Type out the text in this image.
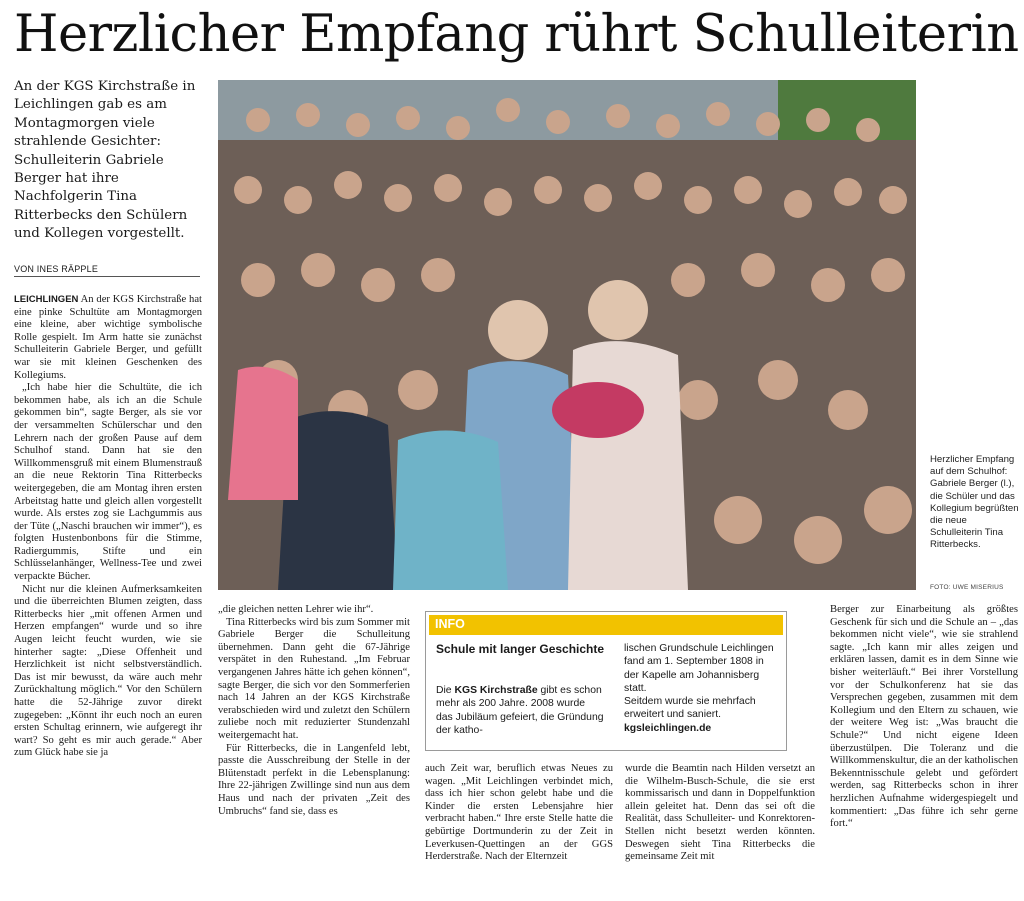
Herzlicher Empfang rührt Schulleiterin
An der KGS Kirchstraße in Leichlingen gab es am Montagmorgen viele strahlende Gesichter: Schulleiterin Gabriele Berger hat ihre Nachfolgerin Tina Ritterbecks den Schülern und Kollegen vorgestellt.
VON INES RÄPPLE

LEICHLINGEN An der KGS Kirchstraße hat eine pinke Schultüte am Montagmorgen eine kleine, aber wichtige symbolische Rolle gespielt. Im Arm hatte sie zunächst Schulleiterin Gabriele Berger, und gefüllt war sie mit kleinen Geschenken des Kollegiums.

„Ich habe hier die Schultüte, die ich bekommen habe, als ich an die Schule gekommen bin“, sagte Berger, als sie vor der versammelten Schülerschar und den Lehrern nach der großen Pause auf dem Schulhof stand. Dann hat sie den Willkommensgruß mit einem Blumenstrauß an die neue Rektorin Tina Ritterbecks weitergegeben, die am Montag ihren ersten Arbeitstag hatte und gleich allen vorgestellt wurde. Als erstes zog sie Lachgummis aus der Tüte („Naschi brauchen wir immer“), es folgten Hustenbonbons für die Stimme, Radiergummis, Stifte und ein Schlüsselanhänger, Wellness-Tee und zwei verpackte Bücher.

Nicht nur die kleinen Aufmerksamkeiten und die überreichten Blumen zeigten, dass Ritterbecks hier „mit offenen Armen und Herzen empfangen“ wurde und so ihre Augen leicht feucht wurden, wie sie hinterher sagte: „Diese Offenheit und Herzlichkeit ist nicht selbstverständlich. Das ist mir bewusst, da wäre auch mehr Zurückhaltung möglich.“ Vor den Schülern hatte die 52-Jährige zuvor direkt zugegeben: „Könnt ihr euch noch an euren ersten Schultag erinnern, wie aufgeregt ihr wart? So geht es mir auch gerade.“ Aber zum Glück habe sie ja

Herzlicher Empfang auf dem Schulhof: Gabriele Berger (l.), die Schüler und das Kollegium begrüßten die neue Schulleiterin Tina Ritterbecks.
FOTO: UWE MISERIUS

„die gleichen netten Lehrer wie ihr“.

Tina Ritterbecks wird bis zum Sommer mit Gabriele Berger die Schulleitung übernehmen. Dann geht die 67-Jährige verspätet in den Ruhestand. „Im Februar vergangenen Jahres hätte ich gehen können“, sagte Berger, die sich vor den Sommerferien nach 14 Jahren an der KGS Kirchstraße verabschieden wird und zuletzt den Schülern zuliebe noch mit reduzierter Stundenzahl weitergemacht hat.

Für Ritterbecks, die in Langenfeld lebt, passte die Ausschreibung der Stelle in der Blütenstadt perfekt in die Lebensplanung: Ihre 22-jährigen Zwillinge sind nun aus dem Haus und nach der privaten „Zeit des Umbruchs“ fand sie, dass es

INFO
Schule mit langer Geschichte
Die KGS Kirchstraße gibt es schon mehr als 200 Jahre. 2008 wurde das Jubiläum gefeiert, die Gründung der katho-
lischen Grundschule Leichlingen fand am 1. September 1808 in der Kapelle am Johannisberg statt.
Seitdem wurde sie mehrfach erweitert und saniert.
kgsleichlingen.de

auch Zeit war, beruflich etwas Neues zu wagen. „Mit Leichlingen verbindet mich, dass ich hier schon gelebt habe und die Kinder die ersten Lebensjahre hier verbracht haben.“ Ihre erste Stelle hatte die gebürtige Dortmunderin zu der Zeit in Leverkusen-Quettingen an der GGS Herderstraße. Nach der Elternzeit

wurde die Beamtin nach Hilden versetzt an die Wilhelm-Busch-Schule, die sie erst kommissarisch und dann in Doppelfunktion allein geleitet hat. Denn das sei oft die Realität, dass Schulleiter- und Konrektoren-Stellen nicht besetzt werden könnten. Deswegen sieht Tina Ritterbecks die gemeinsame Zeit mit

Berger zur Einarbeitung als größtes Geschenk für sich und die Schule an – „das bekommen nicht viele“, wie sie strahlend sagte. „Ich kann mir alles zeigen und erklären lassen, damit es in dem Sinne wie bisher weiterläuft.“ Bei ihrer Vorstellung vor der Schulkonferenz hat sie das Versprechen gegeben, zusammen mit dem Kollegium und den Eltern zu schauen, wie der weitere Weg ist: „Was braucht die Schule?“ Und nicht eigene Ideen überzustülpen. Die Toleranz und die Willkommenskultur, die an der katholischen Bekenntnisschule gelebt und gefördert werden, sag Ritterbecks schon in ihrer herzlichen Aufnahme widergespiegelt und kommentiert: „Das führe ich sehr gerne fort.“
